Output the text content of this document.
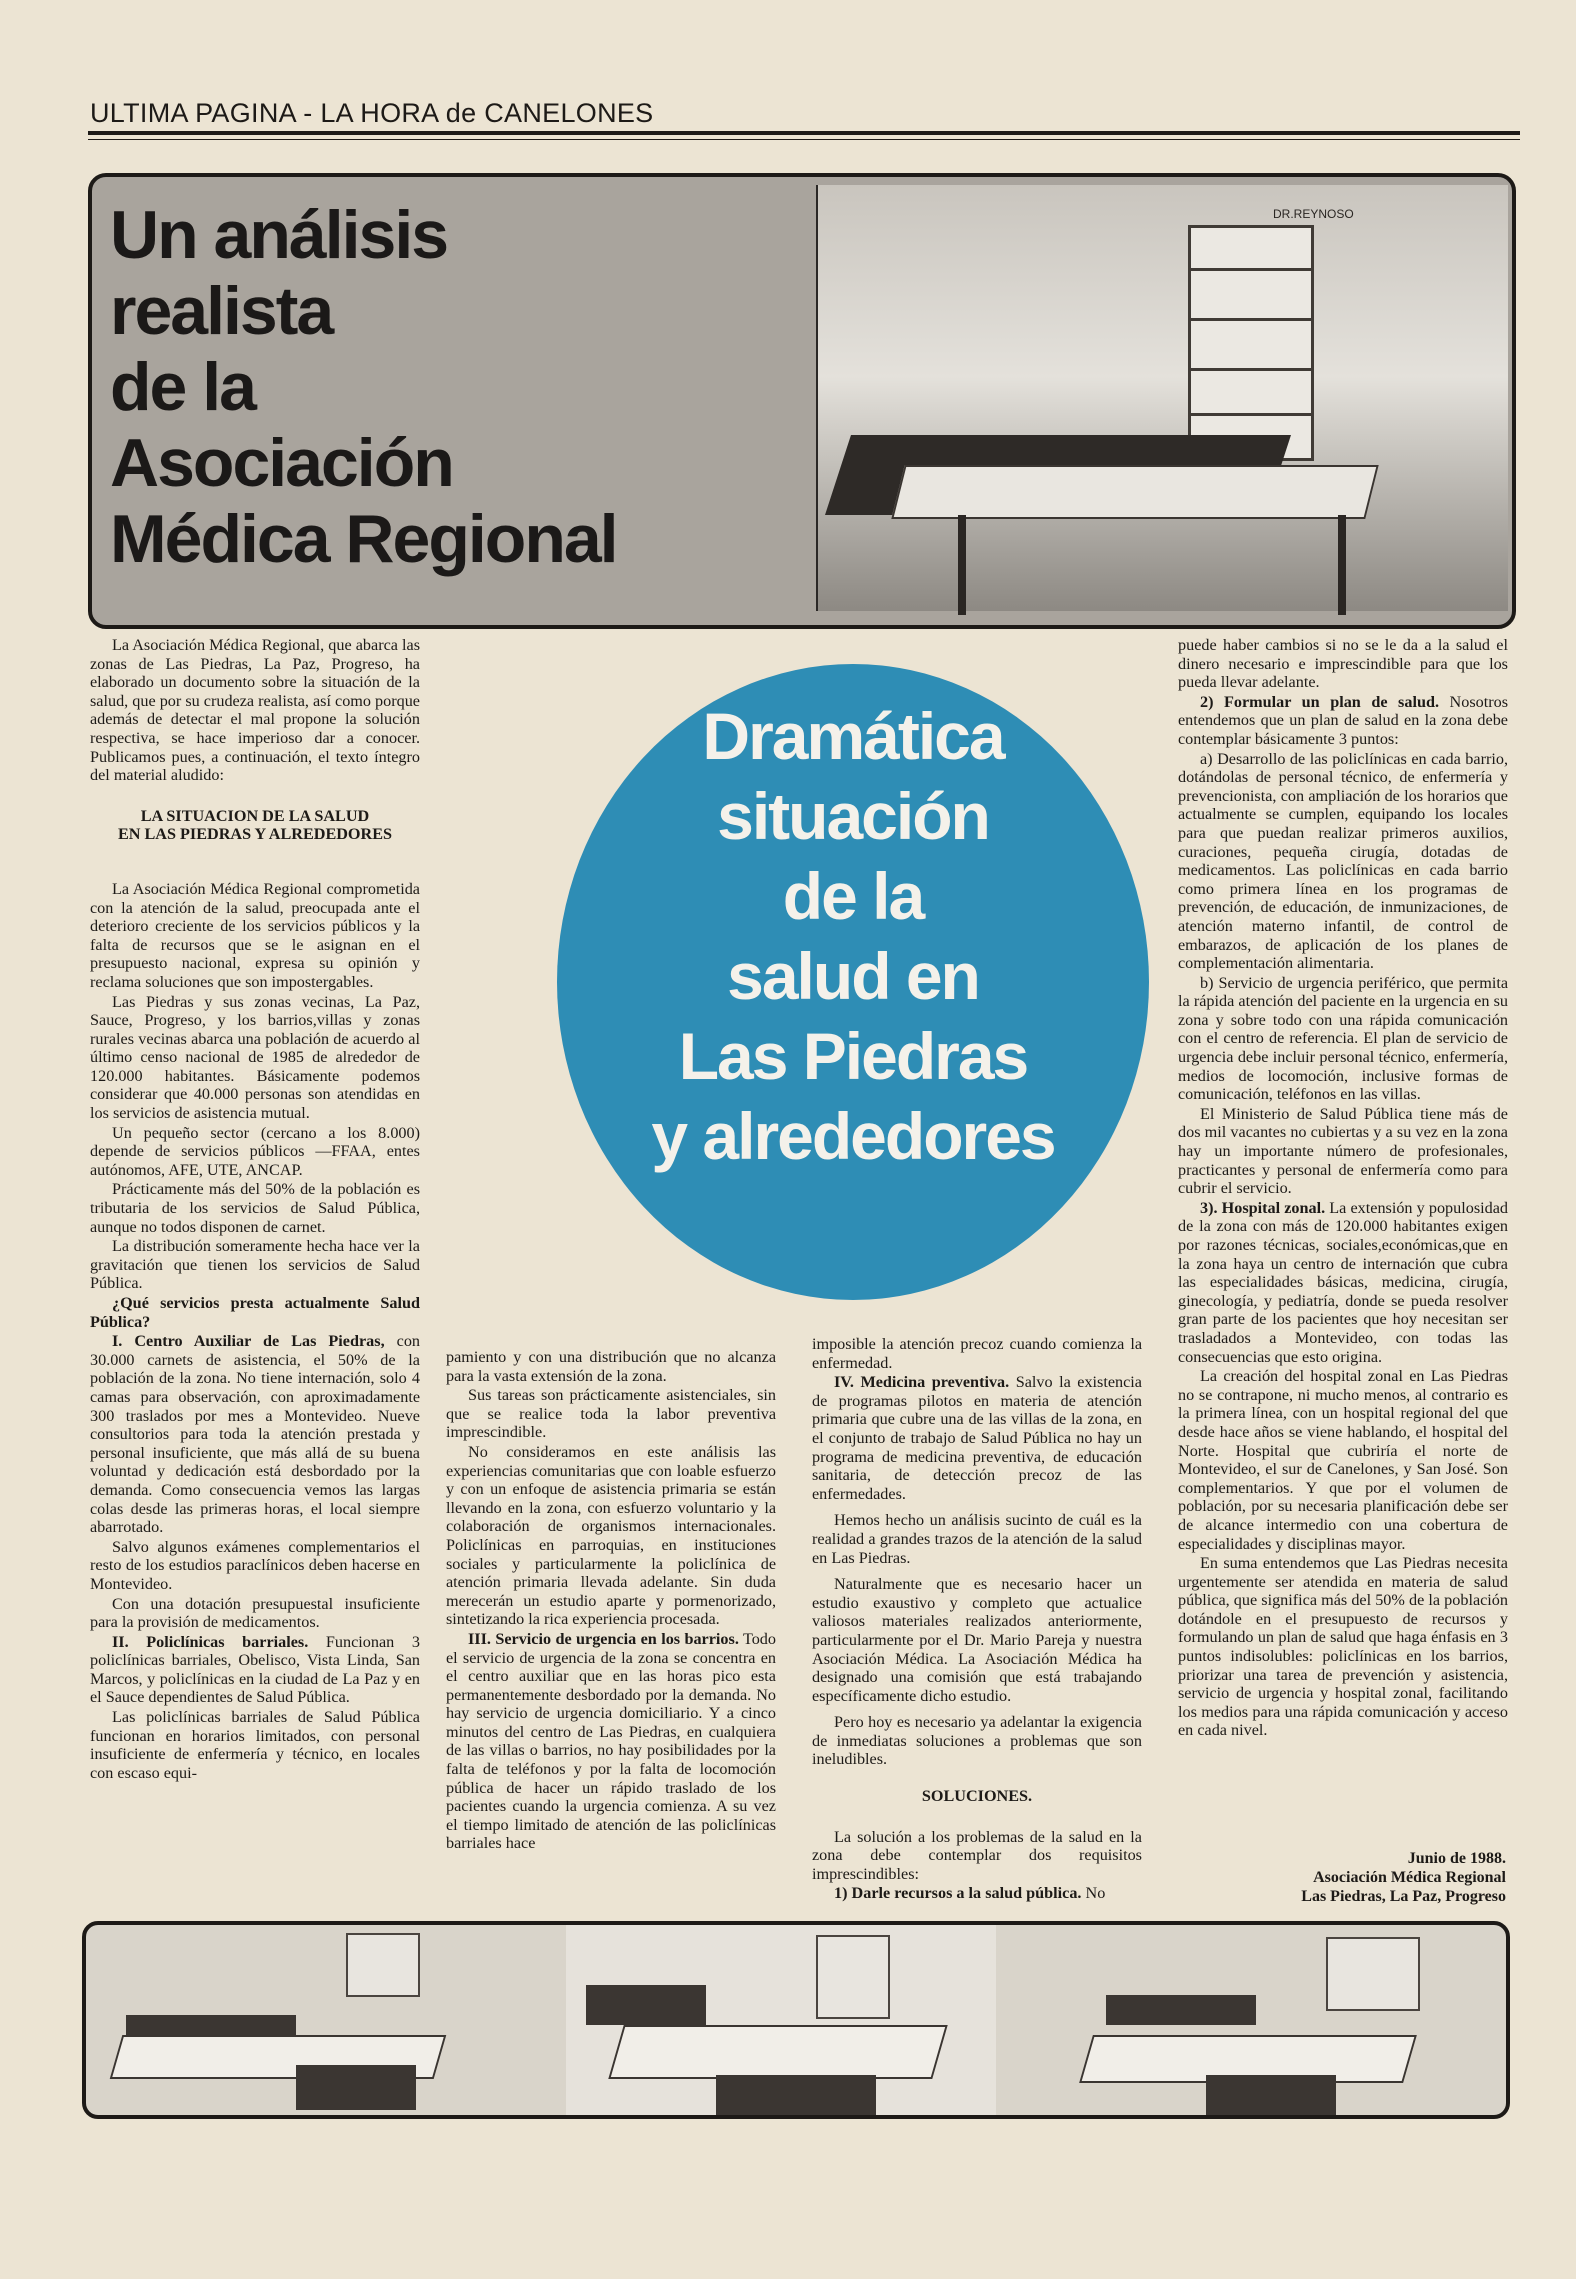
ULTIMA PAGINA - LA HORA de CANELONES
Un análisis
realista
de la
Asociación
Médica Regional
DR.REYNOSO

La Asociación Médica Regional, que abarca las zonas de Las Piedras, La Paz, Progreso, ha elaborado un documento sobre la situación de la salud, que por su crudeza realista, así como porque además de detectar el mal propone la solución respectiva, se hace imperioso dar a conocer. Publicamos pues, a continuación, el texto íntegro del material aludido:

LA SITUACION DE LA SALUD
EN LAS PIEDRAS Y ALREDEDORES

La Asociación Médica Regional comprometida con la atención de la salud, preocupada ante el deterioro creciente de los servicios públicos y la falta de recursos que se le asignan en el presupuesto nacional, expresa su opinión y reclama soluciones que son impostergables.

Las Piedras y sus zonas vecinas, La Paz, Sauce, Progreso, y los barrios,villas y zonas rurales vecinas abarca una población de acuerdo al último censo nacional de 1985 de alrededor de 120.000 habitantes. Básicamente podemos considerar que 40.000 personas son atendidas en los servicios de asistencia mutual.

Un pequeño sector (cercano a los 8.000) depende de servicios públicos —FFAA, entes autónomos, AFE, UTE, ANCAP.

Prácticamente más del 50% de la población es tributaria de los servicios de Salud Pública, aunque no todos disponen de carnet.

La distribución someramente hecha hace ver la gravitación que tienen los servicios de Salud Pública.

¿Qué servicios presta actualmente Salud Pública?

I. Centro Auxiliar de Las Piedras, con 30.000 carnets de asistencia, el 50% de la población de la zona. No tiene internación, solo 4 camas para observación, con aproximadamente 300 traslados por mes a Montevideo. Nueve consultorios para toda la atención prestada y personal insuficiente, que más allá de su buena voluntad y dedicación está desbordado por la demanda. Como consecuencia vemos las largas colas desde las primeras horas, el local siempre abarrotado.

Salvo algunos exámenes complementarios el resto de los estudios paraclínicos deben hacerse en Montevideo.

Con una dotación presupuestal insuficiente para la provisión de medicamentos.

II. Policlínicas barriales. Funcionan 3 policlínicas barriales, Obelisco, Vista Linda, San Marcos, y policlínicas en la ciudad de La Paz y en el Sauce dependientes de Salud Pública.

Las policlínicas barriales de Salud Pública funcionan en horarios limitados, con personal insuficiente de enfermería y técnico, en locales con escaso equi-

Dramática
situación
de la
salud en
Las Piedras
y alrededores

pamiento y con una distribución que no alcanza para la vasta extensión de la zona.

Sus tareas son prácticamente asistenciales, sin que se realice toda la labor preventiva imprescindible.

No consideramos en este análisis las experiencias comunitarias que con loable esfuerzo y con un enfoque de asistencia primaria se están llevando en la zona, con esfuerzo voluntario y la colaboración de organismos internacionales. Policlínicas en parroquias, en instituciones sociales y particularmente la policlínica de atención primaria llevada adelante. Sin duda merecerán un estudio aparte y pormenorizado, sintetizando la rica experiencia procesada.

III. Servicio de urgencia en los barrios. Todo el servicio de urgencia de la zona se concentra en el centro auxiliar que en las horas pico esta permanentemente desbordado por la demanda. No hay servicio de urgencia domiciliario. Y a cinco minutos del centro de Las Piedras, en cualquiera de las villas o barrios, no hay posibilidades por la falta de teléfonos y por la falta de locomoción pública de hacer un rápido traslado de los pacientes cuando la urgencia comienza. A su vez el tiempo limitado de atención de las policlínicas barriales hace

imposible la atención precoz cuando comienza la enfermedad.

IV. Medicina preventiva. Salvo la existencia de programas pilotos en materia de atención primaria que cubre una de las villas de la zona, en el conjunto de trabajo de Salud Pública no hay un programa de medicina preventiva, de educación sanitaria, de detección precoz de las enfermedades.

Hemos hecho un análisis sucinto de cuál es la realidad a grandes trazos de la atención de la salud en Las Piedras.

Naturalmente que es necesario hacer un estudio exaustivo y completo que actualice valiosos materiales realizados anteriormente, particularmente por el Dr. Mario Pareja y nuestra Asociación Médica. La Asociación Médica ha designado una comisión que está trabajando específicamente dicho estudio.

Pero hoy es necesario ya adelantar la exigencia de inmediatas soluciones a problemas que son ineludibles.

SOLUCIONES.

La solución a los problemas de la salud en la zona debe contemplar dos requisitos imprescindibles:

1) Darle recursos a la salud pública. No

puede haber cambios si no se le da a la salud el dinero necesario e imprescindible para que los pueda llevar adelante.

2) Formular un plan de salud. Nosotros entendemos que un plan de salud en la zona debe contemplar básicamente 3 puntos:

a) Desarrollo de las policlínicas en cada barrio, dotándolas de personal técnico, de enfermería y prevencionista, con ampliación de los horarios que actualmente se cumplen, equipando los locales para que puedan realizar primeros auxilios, curaciones, pequeña cirugía, dotadas de medicamentos. Las policlínicas en cada barrio como primera línea en los programas de prevención, de educación, de inmunizaciones, de atención materno infantil, de control de embarazos, de aplicación de los planes de complementación alimentaria.

b) Servicio de urgencia periférico, que permita la rápida atención del paciente en la urgencia en su zona y sobre todo con una rápida comunicación con el centro de referencia. El plan de servicio de urgencia debe incluir personal técnico, enfermería, medios de locomoción, inclusive formas de comunicación, teléfonos en las villas.

El Ministerio de Salud Pública tiene más de dos mil vacantes no cubiertas y a su vez en la zona hay un importante número de profesionales, practicantes y personal de enfermería como para cubrir el servicio.

3). Hospital zonal. La extensión y populosidad de la zona con más de 120.000 habitantes exigen por razones técnicas, sociales,económicas,que en la zona haya un centro de internación que cubra las especialidades básicas, medicina, cirugía, ginecología, y pediatría, donde se pueda resolver gran parte de los pacientes que hoy necesitan ser trasladados a Montevideo, con todas las consecuencias que esto origina.

La creación del hospital zonal en Las Piedras no se contrapone, ni mucho menos, al contrario es la primera línea, con un hospital regional del que desde hace años se viene hablando, el hospital del Norte. Hospital que cubriría el norte de Montevideo, el sur de Canelones, y San José. Son complementarios. Y que por el volumen de población, por su necesaria planificación debe ser de alcance intermedio con una cobertura de especialidades y disciplinas mayor.

En suma entendemos que Las Piedras necesita urgentemente ser atendida en materia de salud pública, que significa más del 50% de la población dotándole en el presupuesto de recursos y formulando un plan de salud que haga énfasis en 3 puntos indisolubles: policlínicas en los barrios, priorizar una tarea de prevención y asistencia, servicio de urgencia y hospital zonal, facilitando los medios para una rápida comunicación y acceso en cada nivel.

Junio de 1988.
Asociación Médica Regional
Las Piedras, La Paz, Progreso
